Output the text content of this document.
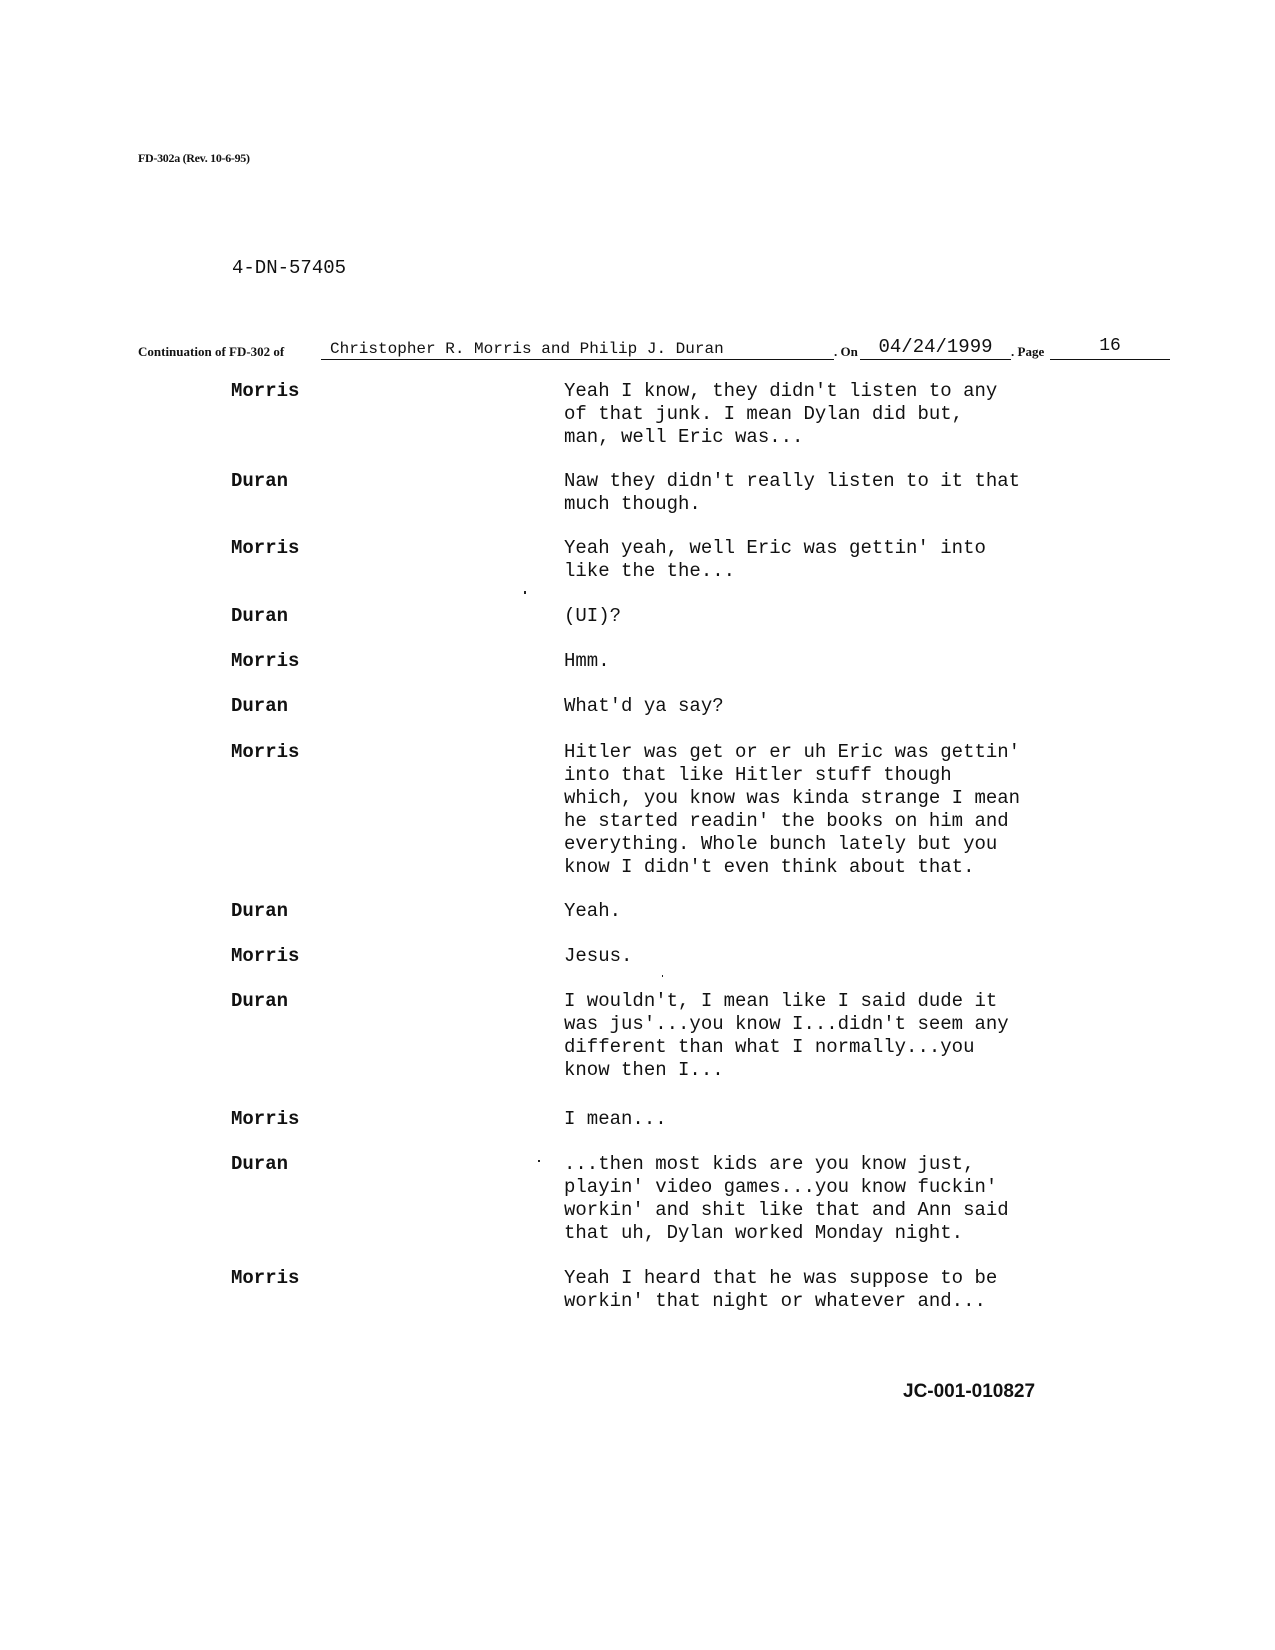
FD-302a (Rev. 10-6-95)
4-DN-57405
Continuation of FD-302 of	Christopher R. Morris and Philip J. Duran	. On	04/24/1999	. Page	16
Morris	Yeah I know, they didn't listen to any
of that junk. I mean Dylan did but,
man, well Eric was...
Duran	Naw they didn't really listen to it that
much though.
Morris	Yeah yeah, well Eric was gettin' into
like the the...
Duran	(UI)?
Morris	Hmm.
Duran	What'd ya say?
Morris	Hitler was get or er uh Eric was gettin'
into that like Hitler stuff though
which, you know was kinda strange I mean
he started readin' the books on him and
everything. Whole bunch lately but you
know I didn't even think about that.
Duran	Yeah.
Morris	Jesus.
Duran	I wouldn't, I mean like I said dude it
was jus'...you know I...didn't seem any
different than what I normally...you
know then I...
Morris	I mean...
Duran	...then most kids are you know just,
playin' video games...you know fuckin'
workin' and shit like that and Ann said
that uh, Dylan worked Monday night.
Morris	Yeah I heard that he was suppose to be
workin' that night or whatever and...
JC-001-010827
